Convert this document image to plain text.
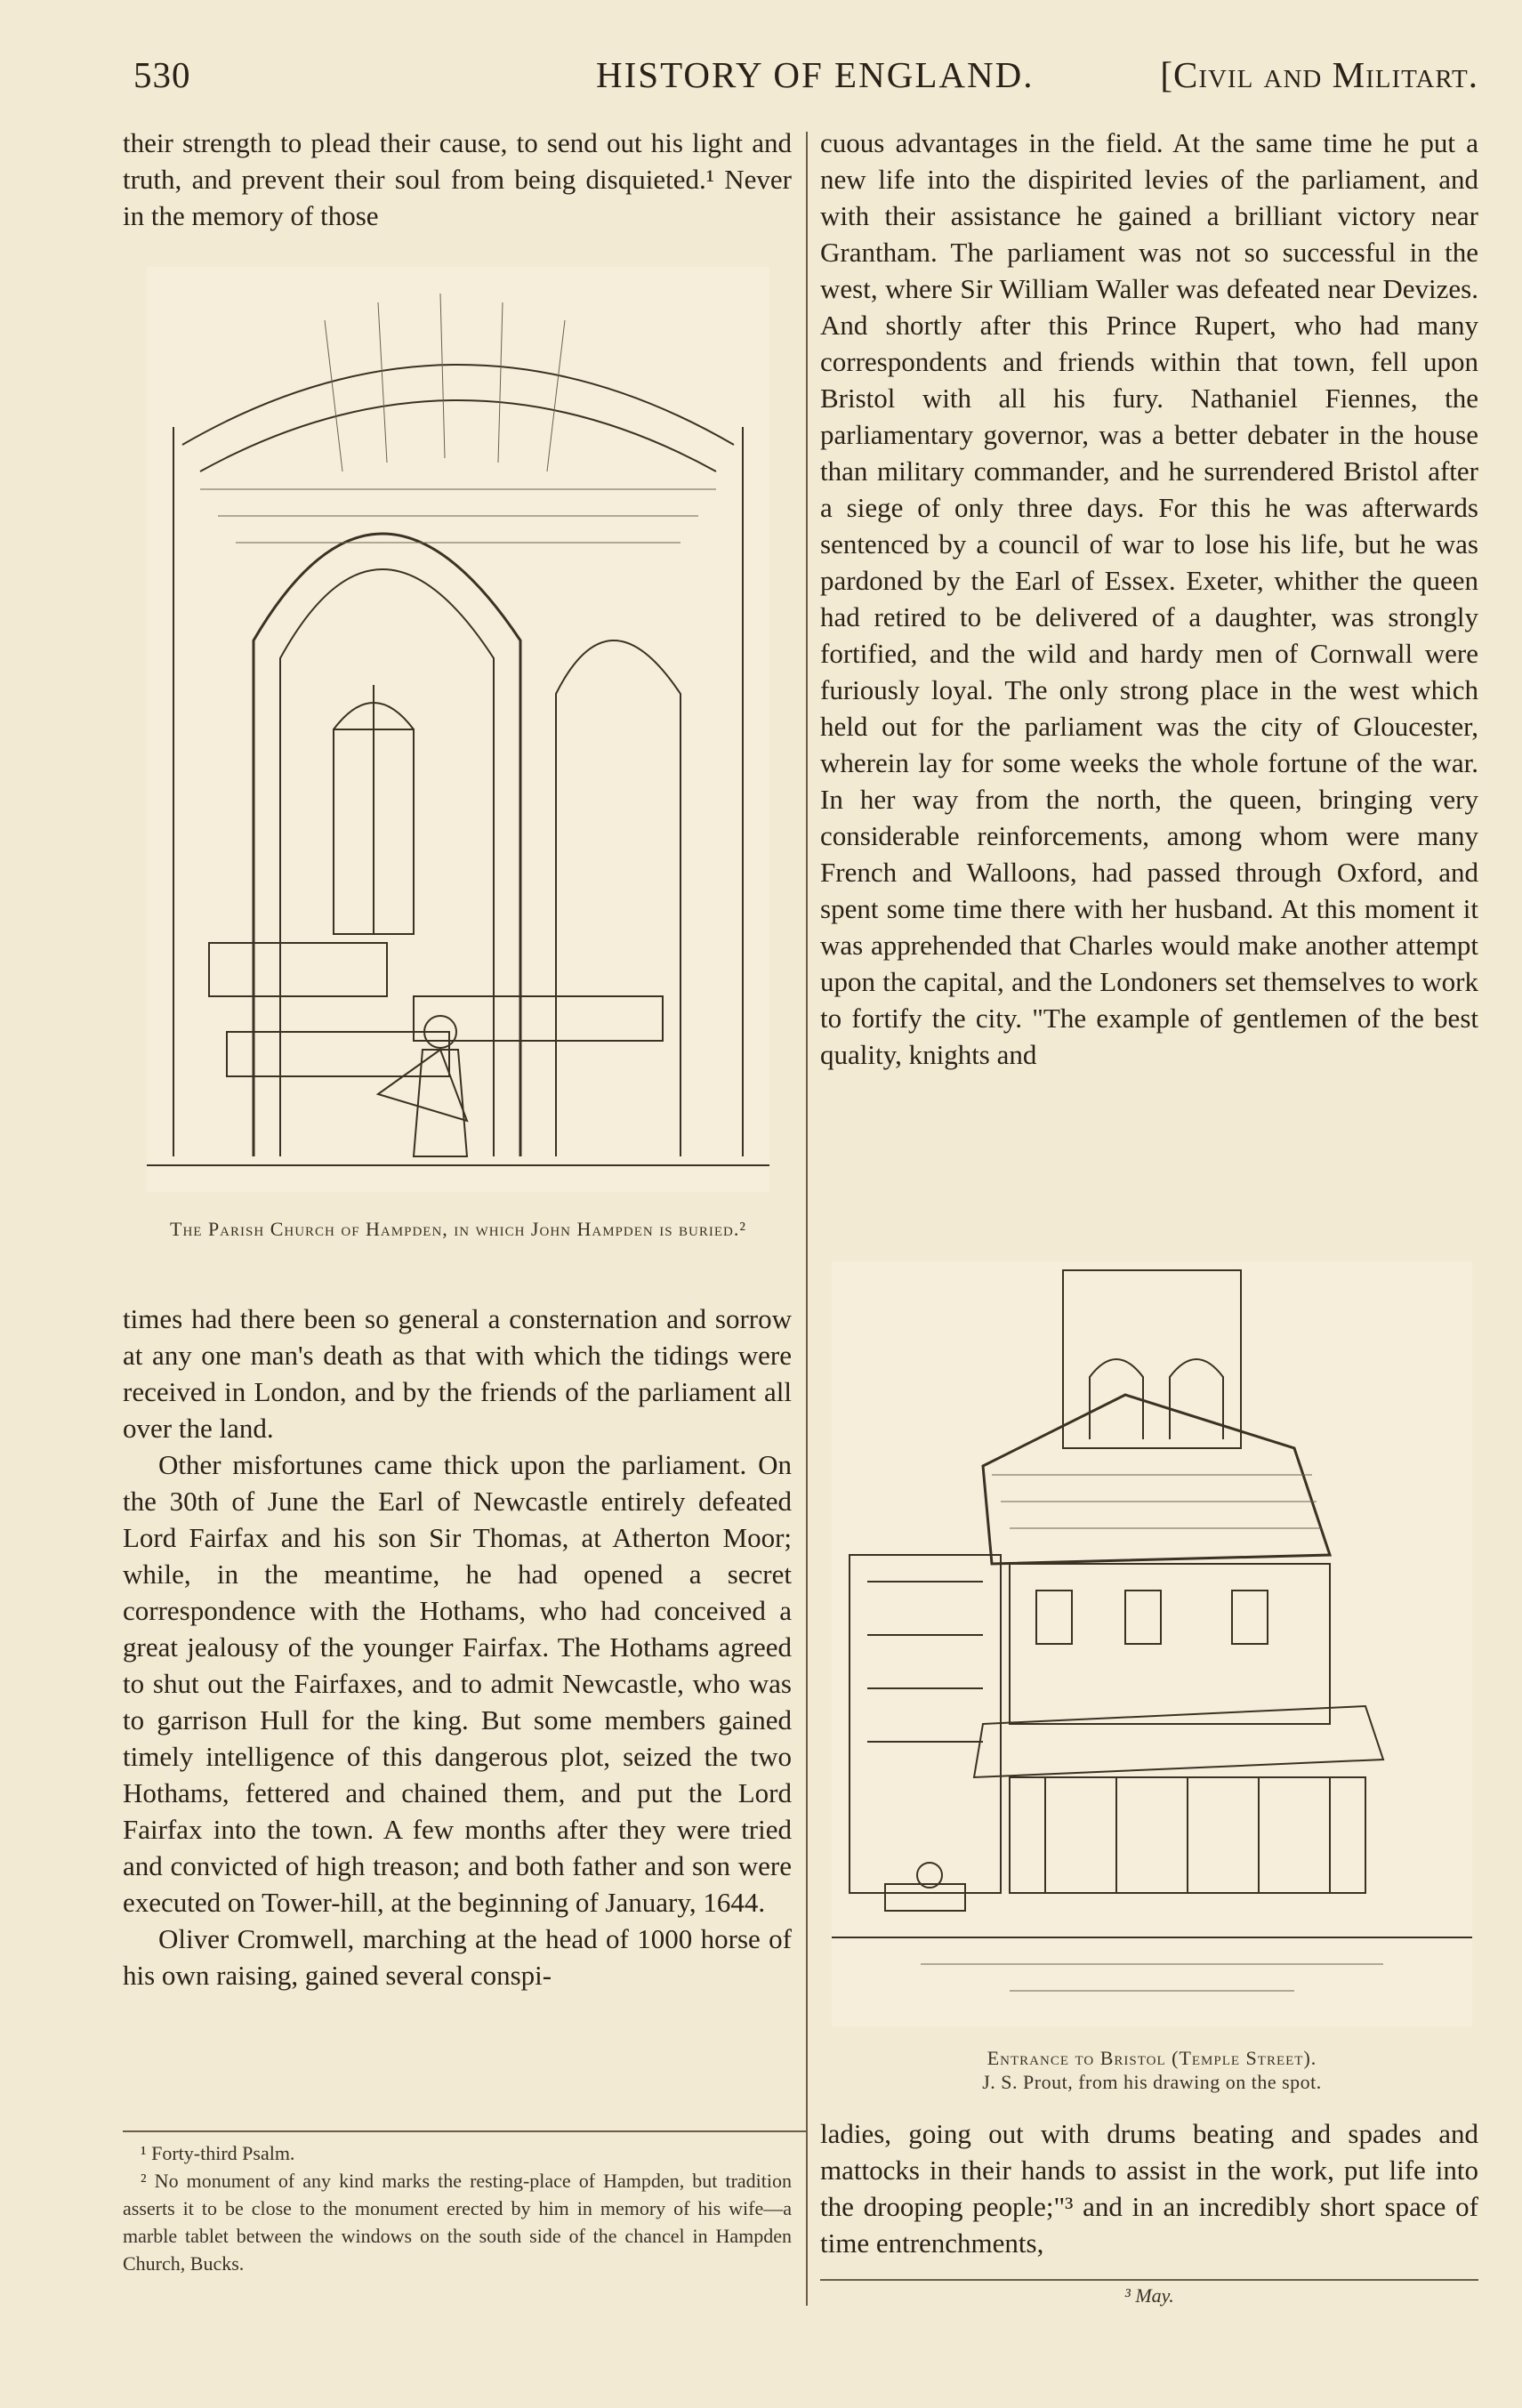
530	HISTORY OF ENGLAND.	[Civil and Militart.

their strength to plead their cause, to send out his light and truth, and prevent their soul from being disquieted.¹ Never in the memory of those

The Parish Church of Hampden, in which John Hampden is buried.²

times had there been so general a consternation and sorrow at any one man's death as that with which the tidings were received in London, and by the friends of the parliament all over the land.

Other misfortunes came thick upon the parliament. On the 30th of June the Earl of Newcastle entirely defeated Lord Fairfax and his son Sir Thomas, at Atherton Moor; while, in the meantime, he had opened a secret correspondence with the Hothams, who had conceived a great jealousy of the younger Fairfax. The Hothams agreed to shut out the Fairfaxes, and to admit Newcastle, who was to garrison Hull for the king. But some members gained timely intelligence of this dangerous plot, seized the two Hothams, fettered and chained them, and put the Lord Fairfax into the town. A few months after they were tried and convicted of high treason; and both father and son were executed on Tower-hill, at the beginning of January, 1644.

Oliver Cromwell, marching at the head of 1000 horse of his own raising, gained several conspi-

cuous advantages in the field. At the same time he put a new life into the dispirited levies of the parliament, and with their assistance he gained a brilliant victory near Grantham. The parliament was not so successful in the west, where Sir William Waller was defeated near Devizes. And shortly after this Prince Rupert, who had many correspondents and friends within that town, fell upon Bristol with all his fury. Nathaniel Fiennes, the parliamentary governor, was a better debater in the house than military commander, and he surrendered Bristol after a siege of only three days. For this he was afterwards sentenced by a council of war to lose his life, but he was pardoned by the Earl of Essex. Exeter, whither the queen had retired to be delivered of a daughter, was strongly fortified, and the wild and hardy men of Cornwall were furiously loyal. The only strong place in the west which held out for the parliament was the city of Gloucester, wherein lay for some weeks the whole fortune of the war. In her way from the north, the queen, bringing very considerable reinforcements, among whom were many French and Walloons, had passed through Oxford, and spent some time there with her husband. At this moment it was apprehended that Charles would make another attempt upon the capital, and the Londoners set themselves to work to fortify the city. "The example of gentlemen of the best quality, knights and

Entrance to Bristol (Temple Street).
J. S. Prout, from his drawing on the spot.

ladies, going out with drums beating and spades and mattocks in their hands to assist in the work, put life into the drooping people;"³ and in an incredibly short space of time entrenchments,

¹ Forty-third Psalm.

² No monument of any kind marks the resting-place of Hampden, but tradition asserts it to be close to the monument erected by him in memory of his wife—a marble tablet between the windows on the south side of the chancel in Hampden Church, Bucks.

³ May.
